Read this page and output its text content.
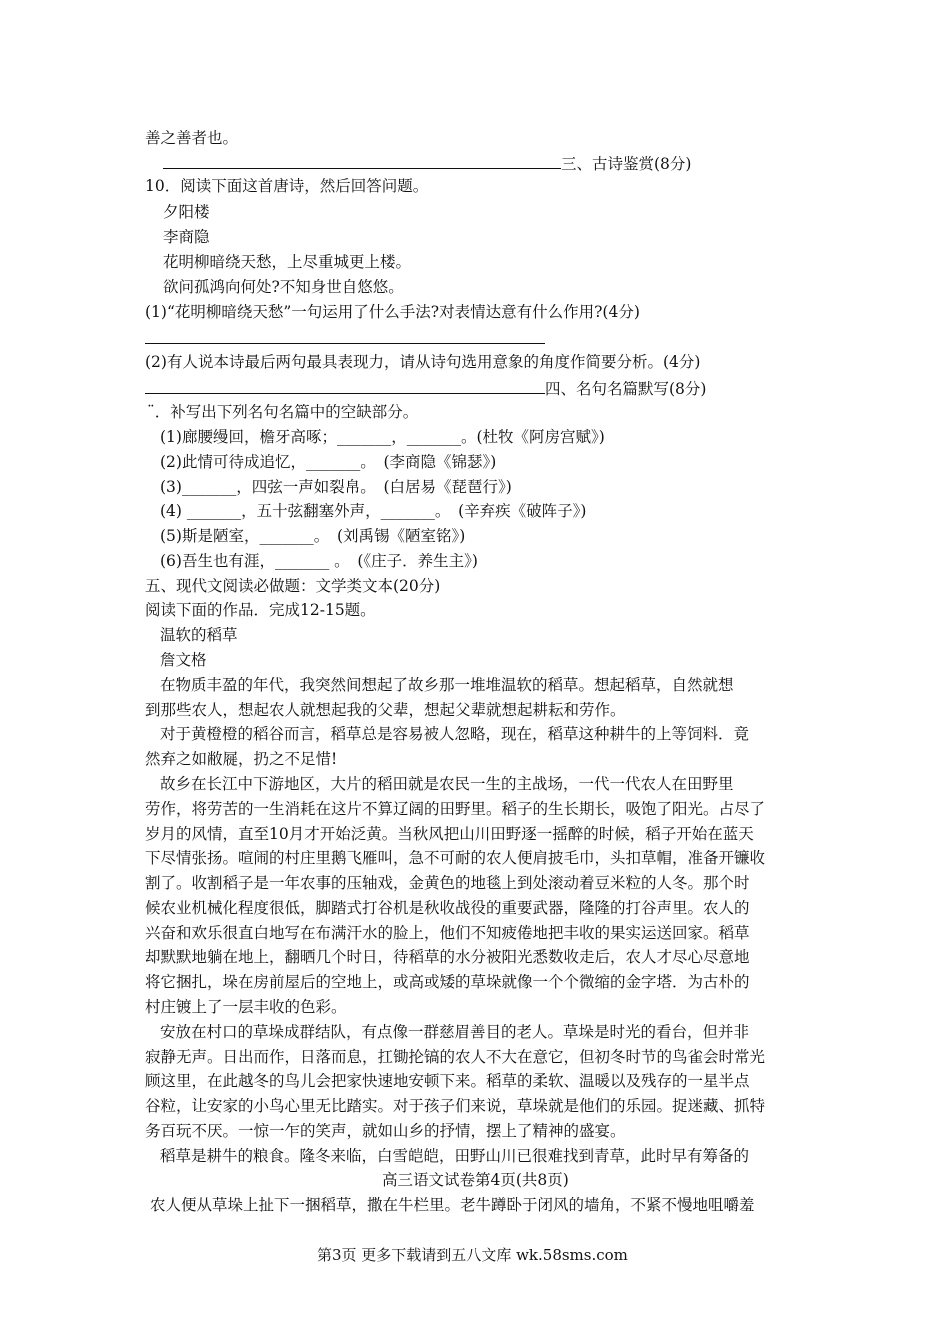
善之善者也。
三、古诗鉴赏(8分)
10．阅读下面这首唐诗，然后回答问题。
夕阳楼
李商隐
花明柳暗绕天愁，上尽重城更上楼。
欲问孤鸿向何处?不知身世自悠悠。
(1)“花明柳暗绕天愁”一句运用了什么手法?对表情达意有什么作用?(4分)
(2)有人说本诗最后两句最具表现力，请从诗句选用意象的角度作简要分析。(4分)
四、名句名篇默写(8分)
¨．补写出下列名句名篇中的空缺部分。
(1)廊腰缦回，檐牙高啄；_______，_______。(杜牧《阿房宫赋》)
(2)此情可待成追忆，_______。　(李商隐《锦瑟》)
(3)_______，四弦一声如裂帛。　(白居易《琵琶行》)
(4) _______，五十弦翻塞外声，_______。　(辛弃疾《破阵子》)
(5)斯是陋室，_______。　(刘禹锡《陋室铭》)
(6)吾生也有涯，_______ 。　(《庄子．养生主》)
五、现代文阅读必做题：文学类文本(20分)
阅读下面的作品．完成12-15题。
温软的稻草
詹文格
在物质丰盈的年代，我突然间想起了故乡那一堆堆温软的稻草。想起稻草，自然就想
到那些农人，想起农人就想起我的父辈，想起父辈就想起耕耘和劳作。
对于黄橙橙的稻谷而言，稻草总是容易被人忽略，现在，稻草这种耕牛的上等饲料．竟
然弃之如敝屣，扔之不足惜!
故乡在长江中下游地区，大片的稻田就是农民一生的主战场，一代一代农人在田野里
劳作，将劳苦的一生消耗在这片不算辽阔的田野里。稻子的生长期长，吸饱了阳光。占尽了
岁月的风情，直至10月才开始泛黄。当秋风把山川田野逐一摇醉的时候，稻子开始在蓝天
下尽情张扬。喧闹的村庄里鹅飞雁叫，急不可耐的农人便肩披毛巾，头扣草帽，准备开镰收
割了。收割稻子是一年农事的压轴戏，金黄色的地毯上到处滚动着豆米粒的人冬。那个时
候农业机械化程度很低，脚踏式打谷机是秋收战役的重要武器，隆隆的打谷声里。农人的
兴奋和欢乐很直白地写在布满汗水的脸上，他们不知疲倦地把丰收的果实运送回家。稻草
却默默地躺在地上，翻晒几个时日，待稻草的水分被阳光悉数收走后，农人才尽心尽意地
将它捆扎，垛在房前屋后的空地上，或高或矮的草垛就像一个个微缩的金字塔．为古朴的
村庄镀上了一层丰收的色彩。
安放在村口的草垛成群结队，有点像一群慈眉善目的老人。草垛是时光的看台，但并非
寂静无声。日出而作，日落而息，扛锄抡镐的农人不大在意它，但初冬时节的鸟雀会时常光
顾这里，在此越冬的鸟儿会把家快速地安顿下来。稻草的柔软、温暖以及残存的一星半点
谷粒，让安家的小鸟心里无比踏实。对于孩子们来说，草垛就是他们的乐园。捉迷藏、抓特
务百玩不厌。一惊一乍的笑声，就如山乡的抒情，摆上了精神的盛宴。
稻草是耕牛的粮食。隆冬来临，白雪皑皑，田野山川已很难找到青草，此时早有筹备的
高三语文试卷第4页(共8页)
农人便从草垛上扯下一捆稻草，撒在牛栏里。老牛蹲卧于闭风的墙角，不紧不慢地咀嚼羞
第3页 更多下载请到五八文库 wk.58sms.com
